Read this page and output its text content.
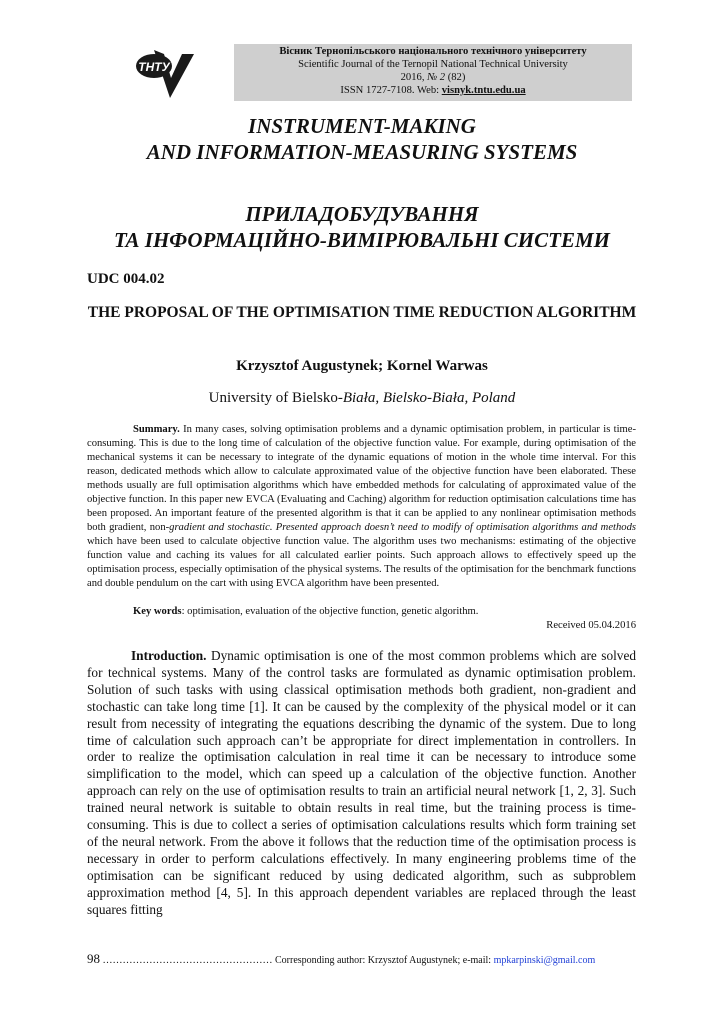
ТНТУ
Вісник Тернопільського національного технічного університету
Scientific Journal of the Ternopil National Technical University
2016, № 2 (82)
ISSN 1727-7108. Web: visnyk.tntu.edu.ua
INSTRUMENT-MAKING
AND INFORMATION-MEASURING SYSTEMS
ПРИЛАДОБУДУВАННЯ
ТА ІНФОРМАЦІЙНО-ВИМІРЮВАЛЬНІ СИСТЕМИ
UDC 004.02
THE PROPOSAL OF THE OPTIMISATION TIME REDUCTION ALGORITHM
Krzysztof Augustynek; Kornel Warwas
University of Bielsko-Biała, Bielsko-Biała, Poland
Summary. In many cases, solving optimisation problems and a dynamic optimisation problem, in particular is time-consuming. This is due to the long time of calculation of the objective function value. For example, during optimisation of the mechanical systems it can be necessary to integrate of the dynamic equations of motion in the whole time interval. For this reason, dedicated methods which allow to calculate approximated value of the objective function have been elaborated. These methods usually are full optimisation algorithms which have embedded methods for calculating of approximated value of the objective function. In this paper new EVCA (Evaluating and Caching) algorithm for reduction optimisation calculations time has been proposed. An important feature of the presented algorithm is that it can be applied to any nonlinear optimisation methods both gradient, non-gradient and stochastic. Presented approach doesn’t need to modify of optimisation algorithms and methods which have been used to calculate objective function value. The algorithm uses two mechanisms: estimating of the objective function value and caching its values for all calculated earlier points. Such approach allows to effectively speed up the optimisation process, especially optimisation of the physical systems. The results of the optimisation for the benchmark functions and double pendulum on the cart with using EVCA algorithm have been presented.
Key words: optimisation, evaluation of the objective function, genetic algorithm.
Received 05.04.2016
Introduction. Dynamic optimisation is one of the most common problems which are solved for technical systems. Many of the control tasks are formulated as dynamic optimisation problem. Solution of such tasks with using classical optimisation methods both gradient, non-gradient and stochastic can take long time [1]. It can be caused by the complexity of the physical model or it can result from necessity of integrating the equations describing the dynamic of the system. Due to long time of calculation such approach can’t be appropriate for direct implementation in controllers. In order to realize the optimisation calculation in real time it can be necessary to introduce some simplification to the model, which can speed up a calculation of the objective function. Another approach can rely on the use of optimisation results to train an artificial neural network [1, 2, 3]. Such trained neural network is suitable to obtain results in real time, but the training process is time-consuming. This is due to collect a series of optimisation calculations results which form training set of the neural network. From the above it follows that the reduction time of the optimisation process is necessary in order to perform calculations effectively. In many engineering problems time of the optimisation can be significant reduced by using dedicated algorithm, such as subproblem approximation method [4, 5]. In this approach dependent variables are replaced through the least squares fitting
98 …………………………………………… Corresponding author: Krzysztof Augustynek; e-mail: mpkarpinski@gmail.com
